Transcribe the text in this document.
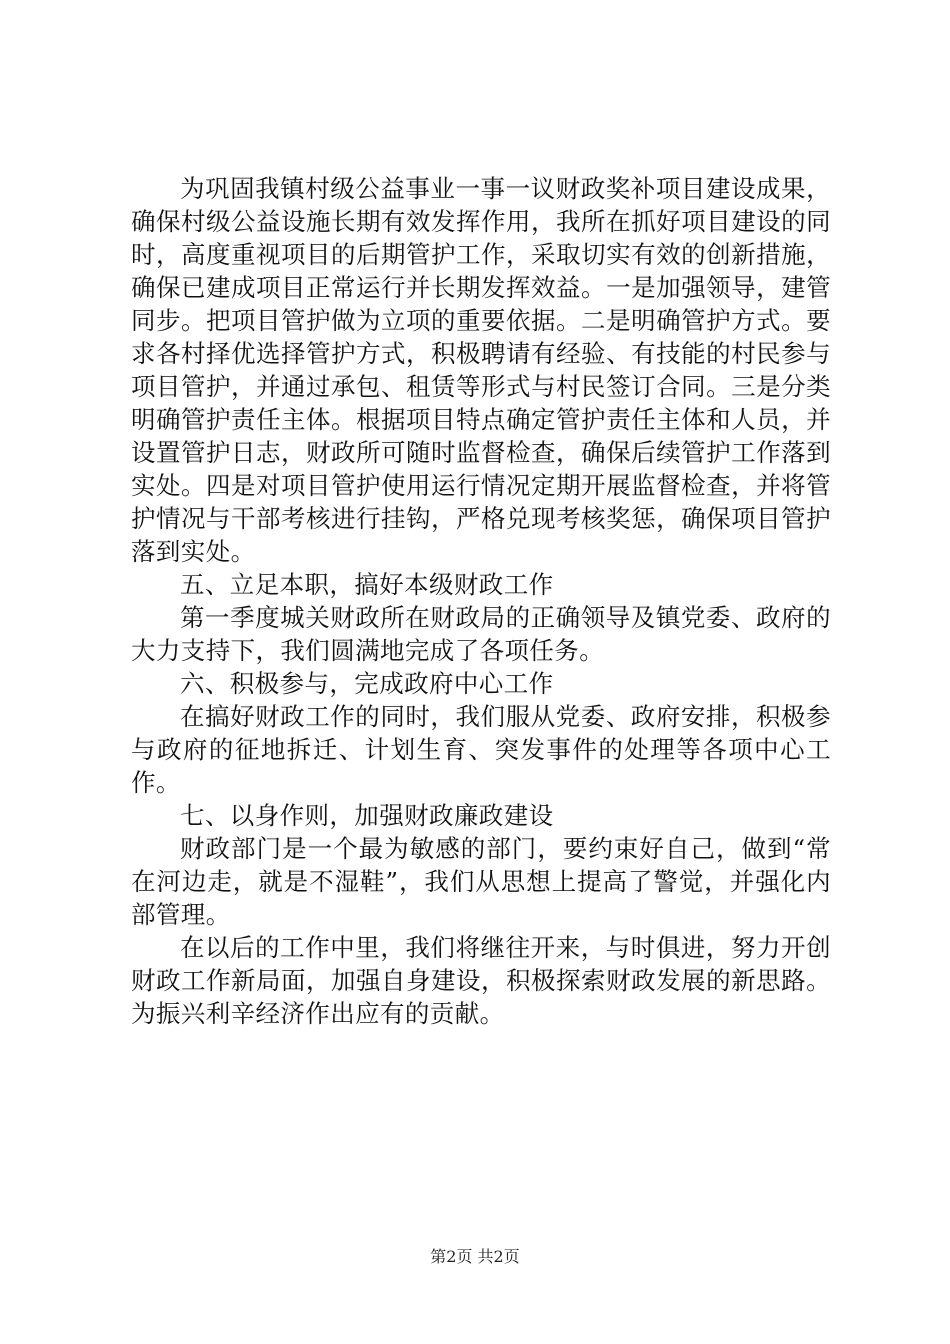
为巩固我镇村级公益事业一事一议财政奖补项目建设成果，确保村级公益设施长期有效发挥作用，我所在抓好项目建设的同时，高度重视项目的后期管护工作，采取切实有效的创新措施，确保已建成项目正常运行并长期发挥效益。一是加强领导，建管同步。把项目管护做为立项的重要依据。二是明确管护方式。要求各村择优选择管护方式，积极聘请有经验、有技能的村民参与项目管护，并通过承包、租赁等形式与村民签订合同。三是分类明确管护责任主体。根据项目特点确定管护责任主体和人员，并设置管护日志，财政所可随时监督检查，确保后续管护工作落到实处。四是对项目管护使用运行情况定期开展监督检查，并将管护情况与干部考核进行挂钩，严格兑现考核奖惩，确保项目管护落到实处。

五、立足本职，搞好本级财政工作

第一季度城关财政所在财政局的正确领导及镇党委、政府的大力支持下，我们圆满地完成了各项任务。

六、积极参与，完成政府中心工作

在搞好财政工作的同时，我们服从党委、政府安排，积极参与政府的征地拆迁、计划生育、突发事件的处理等各项中心工作。

七、以身作则，加强财政廉政建设

财政部门是一个最为敏感的部门，要约束好自己，做到“常在河边走，就是不湿鞋”，我们从思想上提高了警觉，并强化内部管理。

在以后的工作中里，我们将继往开来，与时俱进，努力开创财政工作新局面，加强自身建设，积极探索财政发展的新思路。为振兴利辛经济作出应有的贡献。

第2页 共2页
